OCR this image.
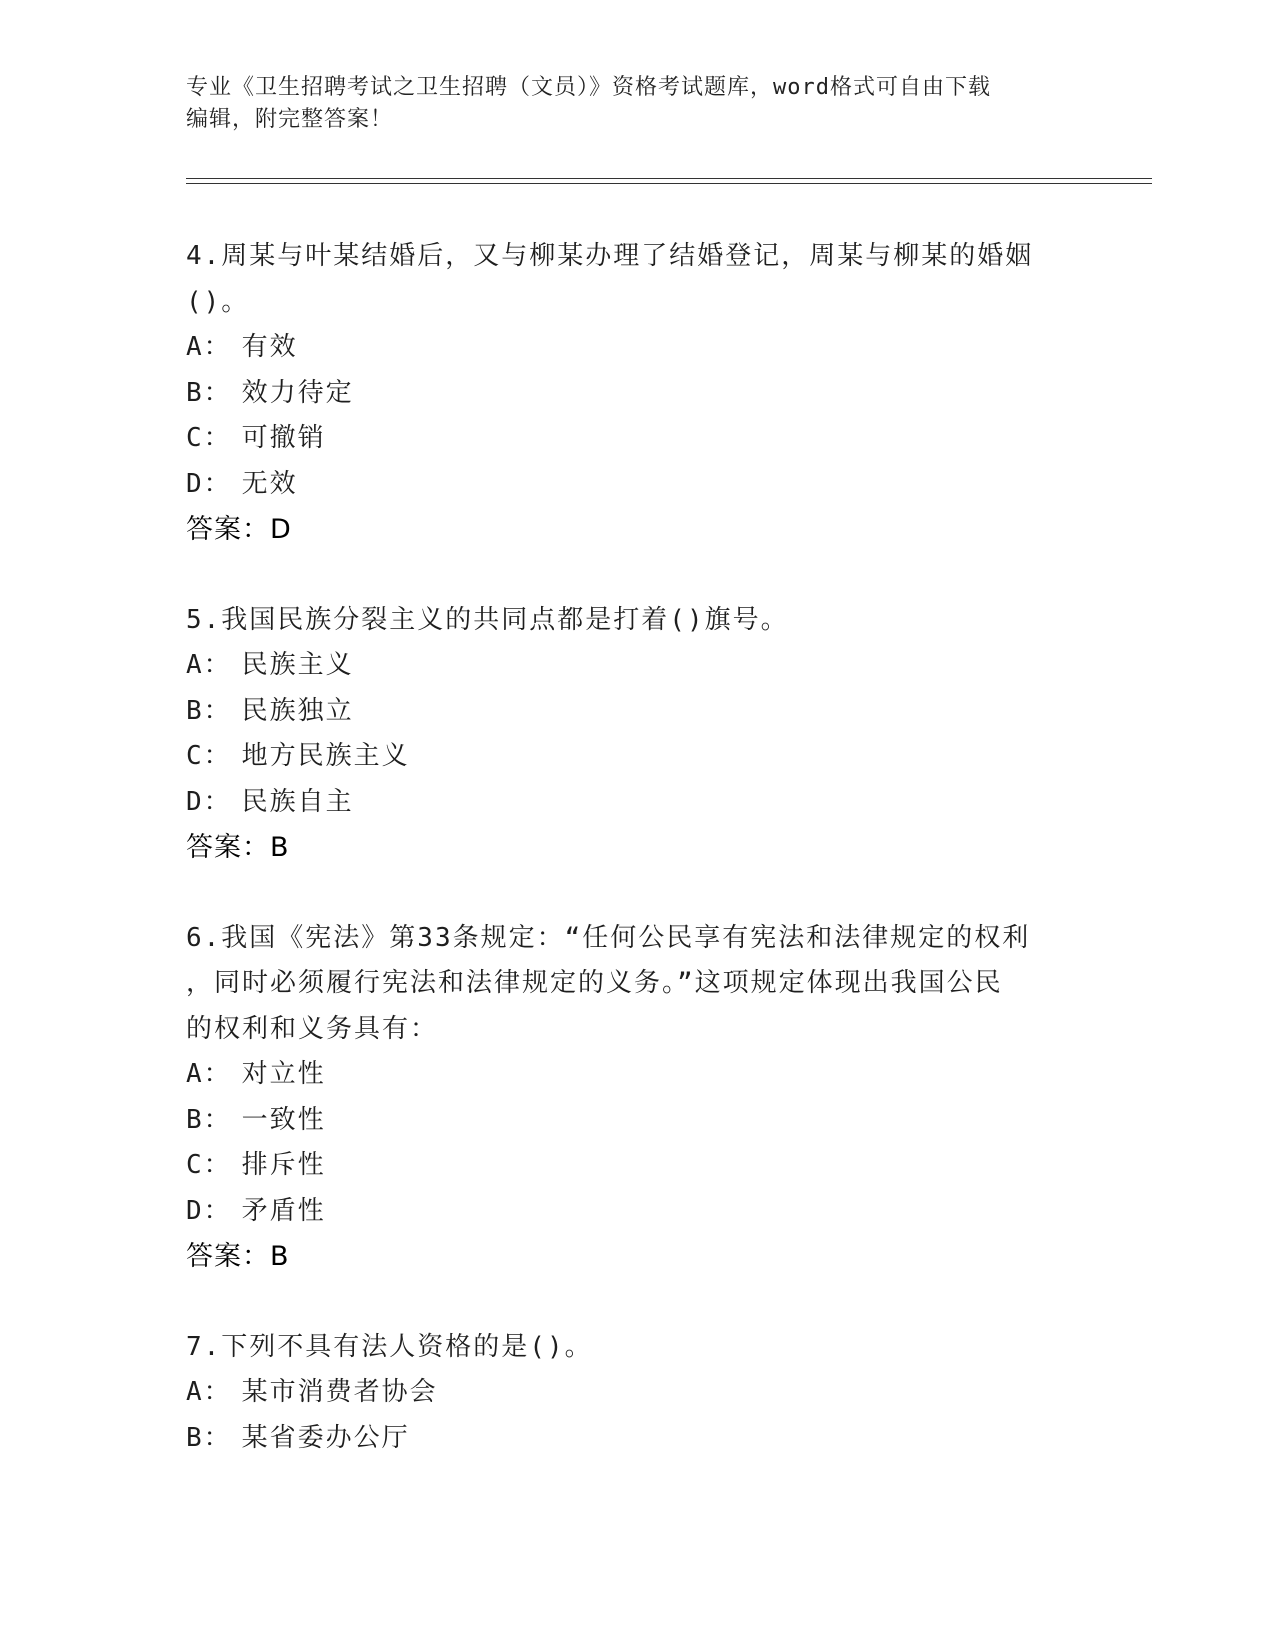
专业《卫生招聘考试之卫生招聘（文员）》资格考试题库，word格式可自由下载
编辑，附完整答案！
4.周某与叶某结婚后，又与柳某办理了结婚登记，周某与柳某的婚姻
()。
A： 有效
B： 效力待定
C： 可撤销
D： 无效
答案：D
5.我国民族分裂主义的共同点都是打着()旗号。
A： 民族主义
B： 民族独立
C： 地方民族主义
D： 民族自主
答案：B
6.我国《宪法》第33条规定：“任何公民享有宪法和法律规定的权利
，同时必须履行宪法和法律规定的义务。”这项规定体现出我国公民
的权利和义务具有：
A： 对立性
B： 一致性
C： 排斥性
D： 矛盾性
答案：B
7.下列不具有法人资格的是()。
A： 某市消费者协会
B： 某省委办公厅
